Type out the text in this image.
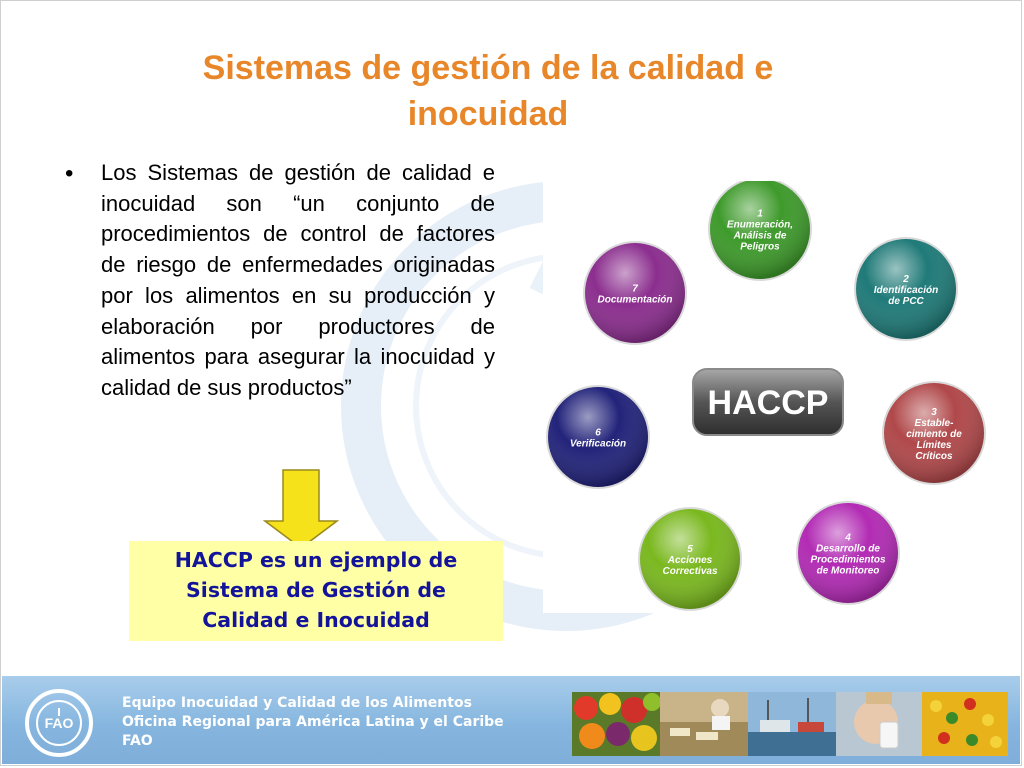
Sistemas de gestión de la calidad e inocuidad
• Los Sistemas de gestión de calidad e inocuidad son “un conjunto de procedimientos de control de factores de riesgo de enfermedades originadas por los alimentos en su producción y elaboración por productores de alimentos para asegurar la inocuidad y calidad de sus productos”
HACCP es un ejemplo de
Sistema de Gestión de
Calidad e Inocuidad
HACCP
1
Enumeración,
Análisis de
Peligros
2
Identificación
de PCC
3
Estable-
cimiento de
Límites
Críticos
4
Desarrollo de
Procedimientos
de Monitoreo
5
Acciones
Correctivas
6
Verificación
7
Documentación
FAO
Equipo Inocuidad y Calidad de los Alimentos
Oficina Regional para América Latina y el Caribe
FAO
